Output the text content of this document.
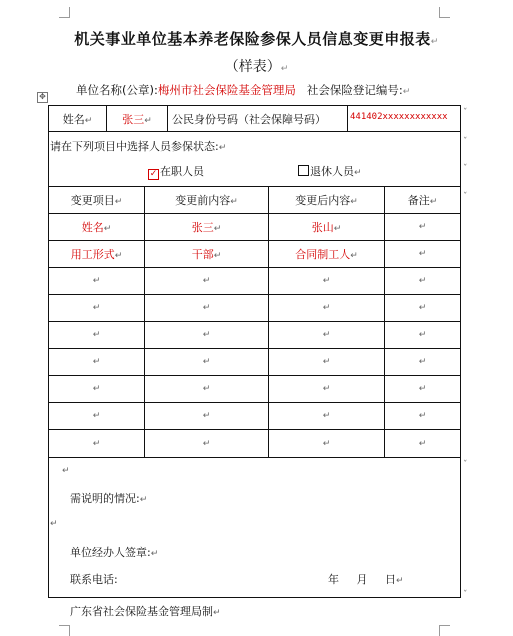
机关事业单位基本养老保险参保人员信息变更申报表↵
（样表）↵
单位名称(公章):梅州市社会保险基金管理局 社会保险登记编号:↵
✥
姓名↵	张三↵	公民身份号码（社会保障号码）	441402xxxxxxxxxxxx ˇ
请在下列项目中选择人员参保状态:↵
✓ 在职人员	退休人员↵
ˇ
ˇ
变更项目↵	变更前内容↵	变更后内容↵	备注↵	ˇ
姓名↵	张三↵	张山↵	↵
用工形式↵	干部↵	合同制工人↵	↵
↵	↵	↵	↵
↵	↵	↵	↵
↵	↵	↵	↵
↵	↵	↵	↵
↵	↵	↵	↵
↵	↵	↵	↵
↵	↵	↵	↵
↵
需说明的情况:↵
↵
单位经办人签章:↵
联系电话:	年 月 日↵
ˇ
ˇ
广东省社会保险基金管理局制↵
